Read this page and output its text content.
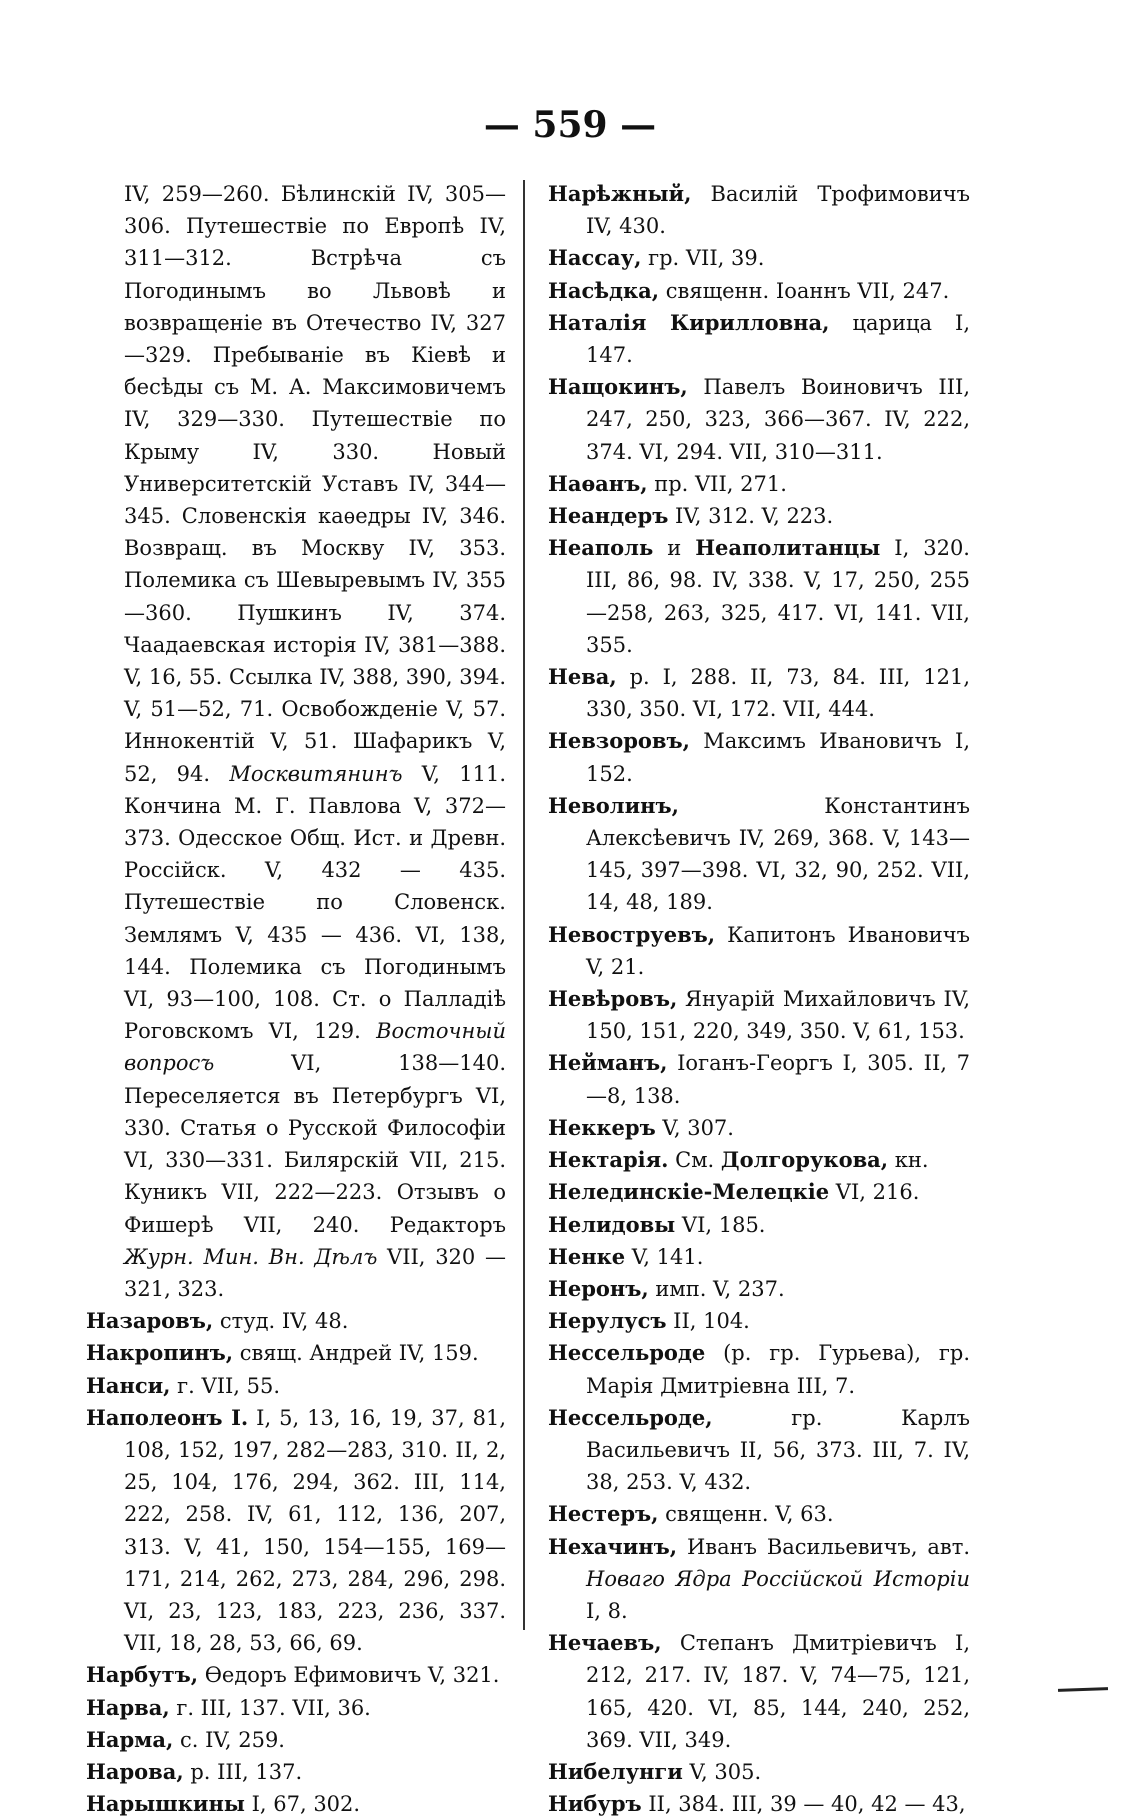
— 559 —

IV, 259—260. Бѣлинскій IV, 305—306. Путешествіе по Европѣ IV, 311—312. Встрѣча съ Погодинымъ во Львовѣ и возвращеніе въ Отечество IV, 327—329. Пребываніе въ Кіевѣ и бесѣды съ М. А. Максимовичемъ IV, 329—330. Путешествіе по Крыму IV, 330. Новый Университетскій Уставъ IV, 344—345. Словенскія каѳедры IV, 346. Возвращ. въ Москву IV, 353. Полемика съ Шевыревымъ IV, 355—360. Пушкинъ IV, 374. Чаадаевская исторія IV, 381—388. V, 16, 55. Ссылка IV, 388, 390, 394. V, 51—52, 71. Освобожденіе V, 57. Иннокентій V, 51. Шафарикъ V, 52, 94. Москвитянинъ V, 111. Кончина М. Г. Павлова V, 372—373. Одесское Общ. Ист. и Древн. Россійск. V, 432 — 435. Путешествіе по Словенск. Землямъ V, 435 — 436. VI, 138, 144. Полемика съ Погодинымъ VI, 93—100, 108. Ст. о Палладіѣ Роговскомъ VI, 129. Восточный вопросъ VI, 138—140. Переселяется въ Петербургъ VI, 330. Статья о Русской Философіи VI, 330—331. Билярскій VII, 215. Куникъ VII, 222—223. Отзывъ о Фишерѣ VII, 240. Редакторъ Журн. Мин. Вн. Дѣлъ VII, 320 — 321, 323.

Назаровъ, студ. IV, 48.

Накропинъ, свящ. Андрей IV, 159.

Нанси, г. VII, 55.

Наполеонъ I. I, 5, 13, 16, 19, 37, 81, 108, 152, 197, 282—283, 310. II, 2, 25, 104, 176, 294, 362. III, 114, 222, 258. IV, 61, 112, 136, 207, 313. V, 41, 150, 154—155, 169—171, 214, 262, 273, 284, 296, 298. VI, 23, 123, 183, 223, 236, 337. VII, 18, 28, 53, 66, 69.

Нарбутъ, Ѳедоръ Ефимовичъ V, 321.

Нарва, г. III, 137. VII, 36.

Нарма, с. IV, 259.

Нарова, р. III, 137.

Нарышкины I, 67, 302.

Нарѣжный, Василій Трофимовичъ IV, 430.

Нассау, гр. VII, 39.

Насѣдка, священн. Іоаннъ VII, 247.

Наталія Кирилловна, царица I, 147.

Нащокинъ, Павелъ Воиновичъ III, 247, 250, 323, 366—367. IV, 222, 374. VI, 294. VII, 310—311.

Наѳанъ, пр. VII, 271.

Неандеръ IV, 312. V, 223.

Неаполь и Неаполитанцы I, 320. III, 86, 98. IV, 338. V, 17, 250, 255—258, 263, 325, 417. VI, 141. VII, 355.

Нева, р. I, 288. II, 73, 84. III, 121, 330, 350. VI, 172. VII, 444.

Невзоровъ, Максимъ Ивановичъ I, 152.

Неволинъ, Константинъ Алексѣевичъ IV, 269, 368. V, 143—145, 397—398. VI, 32, 90, 252. VII, 14, 48, 189.

Невоструевъ, Капитонъ Ивановичъ V, 21.

Невѣровъ, Януарій Михайловичъ IV, 150, 151, 220, 349, 350. V, 61, 153.

Нейманъ, Іоганъ-Георгъ I, 305. II, 7—8, 138.

Неккеръ V, 307.

Нектарія. См. Долгорукова, кн.

Нелединскіе-Мелецкіе VI, 216.

Нелидовы VI, 185.

Ненке V, 141.

Неронъ, имп. V, 237.

Нерулусъ II, 104.

Нессельроде (р. гр. Гурьева), гр. Марія Дмитріевна III, 7.

Нессельроде, гр. Карлъ Васильевичъ II, 56, 373. III, 7. IV, 38, 253. V, 432.

Нестеръ, священн. V, 63.

Нехачинъ, Иванъ Васильевичъ, авт. Новаго Ядра Россійской Исторіи I, 8.

Нечаевъ, Степанъ Дмитріевичъ I, 212, 217. IV, 187. V, 74—75, 121, 165, 420. VI, 85, 144, 240, 252, 369. VII, 349.

Нибелунги V, 305.

Нибуръ II, 384. III, 39 — 40, 42 — 43,
